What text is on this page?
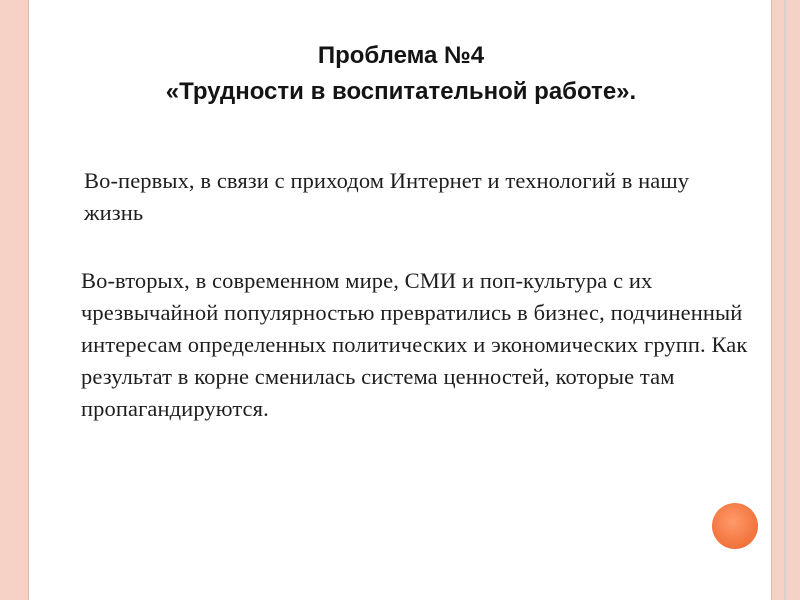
Проблема №4
«Трудности в воспитательной работе».
Во-первых, в связи с приходом Интернет и технологий в нашу жизнь
Во-вторых, в современном мире, СМИ и поп-культура с их чрезвычайной популярностью превратились в бизнес, подчиненный интересам определенных политических и экономических групп. Как результат в корне сменилась система ценностей, которые там пропагандируются.
